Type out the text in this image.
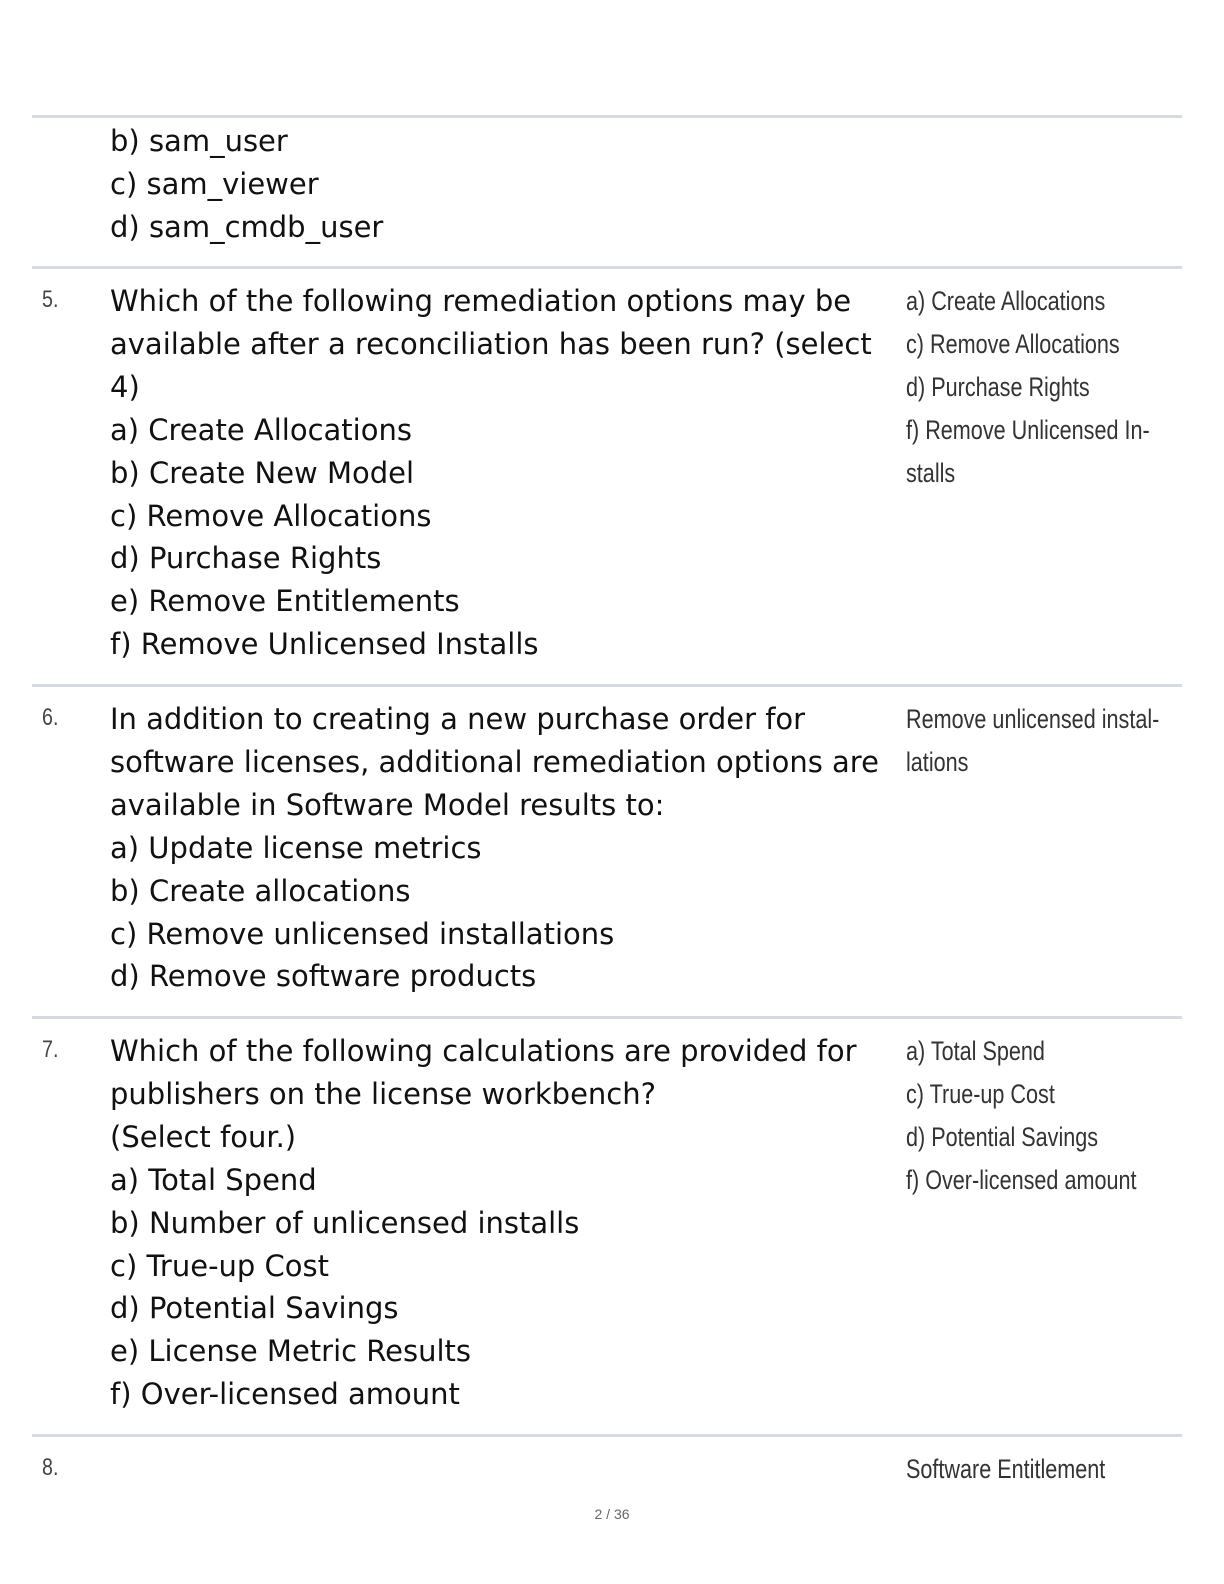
b) sam_user
c) sam_viewer
d) sam_cmdb_user
5. Which of the following remediation options may be
available after a reconciliation has been run? (select
4)
a) Create Allocations
b) Create New Model
c) Remove Allocations
d) Purchase Rights
e) Remove Entitlements
f) Remove Unlicensed Installs
a) Create Allocations
c) Remove Allocations
d) Purchase Rights
f) Remove Unlicensed In-
stalls
6. In addition to creating a new purchase order for
software licenses, additional remediation options are
available in Software Model results to:
a) Update license metrics
b) Create allocations
c) Remove unlicensed installations
d) Remove software products
Remove unlicensed instal-
lations
7. Which of the following calculations are provided for
publishers on the license workbench?
(Select four.)
a) Total Spend
b) Number of unlicensed installs
c) True-up Cost
d) Potential Savings
e) License Metric Results
f) Over-licensed amount
a) Total Spend
c) True-up Cost
d) Potential Savings
f) Over-licensed amount
8.	Software Entitlement
2 / 36
